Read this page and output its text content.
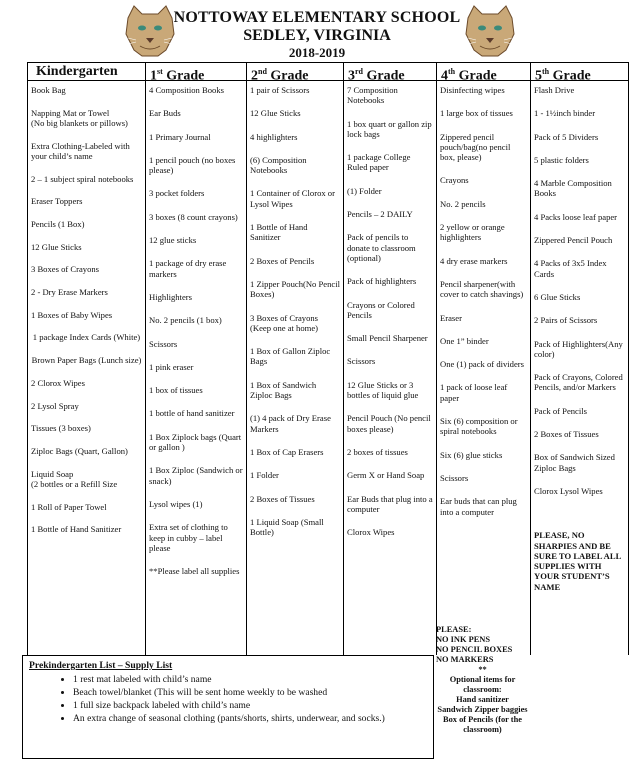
NOTTOWAY ELEMENTARY SCHOOL
SEDLEY, VIRGINIA
2018-2019
Kindergarten
Book Bag
Napping Mat or Towel
(No big blankets or pillows)
Extra Clothing-Labeled with your child’s name
2 – 1 subject spiral notebooks
Eraser Toppers
Pencils (1 Box)
12 Glue Sticks
3 Boxes of Crayons
2 - Dry Erase Markers
1 Boxes of Baby Wipes
1 package Index Cards (White)
Brown Paper Bags (Lunch size)
2 Clorox Wipes
2 Lysol Spray
Tissues (3 boxes)
Ziploc Bags (Quart, Gallon)
Liquid Soap
(2 bottles or a Refill Size
1 Roll of Paper Towel
1 Bottle of Hand Sanitizer
1st Grade
4 Composition Books
Ear Buds
1 Primary Journal
1 pencil pouch (no boxes please)
3 pocket folders
3 boxes (8 count crayons)
12 glue sticks
1 package of dry erase markers
Highlighters
No. 2 pencils (1 box)
Scissors
1 pink eraser
1 box of tissues
1 bottle of hand sanitizer
1 Box Ziplock bags (Quart or gallon )
1 Box Ziploc (Sandwich or snack)
Lysol wipes (1)
Extra set of clothing to keep in cubby – label please
**Please label all supplies
2nd Grade
1 pair of Scissors
12 Glue Sticks
4 highlighters
(6) Composition Notebooks
1 Container of Clorox or Lysol Wipes
1 Bottle of Hand Sanitizer
2 Boxes of Pencils
1 Zipper Pouch(No Pencil Boxes)
3 Boxes of Crayons (Keep one at home)
1 Box of Gallon Ziploc Bags
1 Box of Sandwich Ziploc Bags
(1) 4 pack of Dry Erase Markers
1 Box of Cap Erasers
1 Folder
2 Boxes of Tissues
1 Liquid Soap (Small Bottle)
3rd Grade
7 Composition Notebooks
1 box quart or gallon zip lock bags
1 package College Ruled paper
(1) Folder
Pencils – 2 DAILY
Pack of pencils to donate to classroom (optional)
Pack of highlighters
Crayons or Colored Pencils
Small Pencil Sharpener
Scissors
12 Glue Sticks or 3 bottles of liquid glue
Pencil Pouch (No pencil boxes please)
2 boxes of tissues
Germ X or Hand Soap
Ear Buds that plug into a computer
Clorox Wipes
4th Grade
Disinfecting wipes
1 large box of tissues
Zippered pencil pouch/bag(no pencil box, please)
Crayons
No. 2 pencils
2 yellow or orange highlighters
4 dry erase markers
Pencil sharpener(with cover to catch shavings)
Eraser
One 1” binder
One (1) pack of dividers
1 pack of loose leaf paper
Six (6) composition or spiral notebooks
Six (6) glue sticks
Scissors
Ear buds that can plug into a computer
5th Grade
Flash Drive
1 - 1½inch binder
Pack of 5 Dividers
5 plastic folders
4 Marble Composition Books
4 Packs loose leaf paper
Zippered Pencil Pouch
4 Packs of 3x5 Index Cards
6 Glue Sticks
2 Pairs of Scissors
Pack of Highlighters(Any color)
Pack of Crayons, Colored Pencils, and/or Markers
Pack of Pencils
2 Boxes of Tissues
Box of Sandwich Sized Ziploc Bags
Clorox Lysol Wipes
PLEASE, NO SHARPIES AND BE SURE TO LABEL ALL SUPPLIES WITH YOUR STUDENT’S NAME
PLEASE:
NO INK PENS
NO PENCIL BOXES
NO MARKERS
**
Optional items for classroom:
Hand sanitizer
Sandwich Zipper baggies
Box of Pencils (for the classroom)
Prekindergarten List – Supply List
• 1 rest mat labeled with child’s name
• Beach towel/blanket (This will be sent home weekly to be washed
• 1 full size backpack labeled with child’s name
• An extra change of seasonal clothing (pants/shorts, shirts, underwear, and socks.)
